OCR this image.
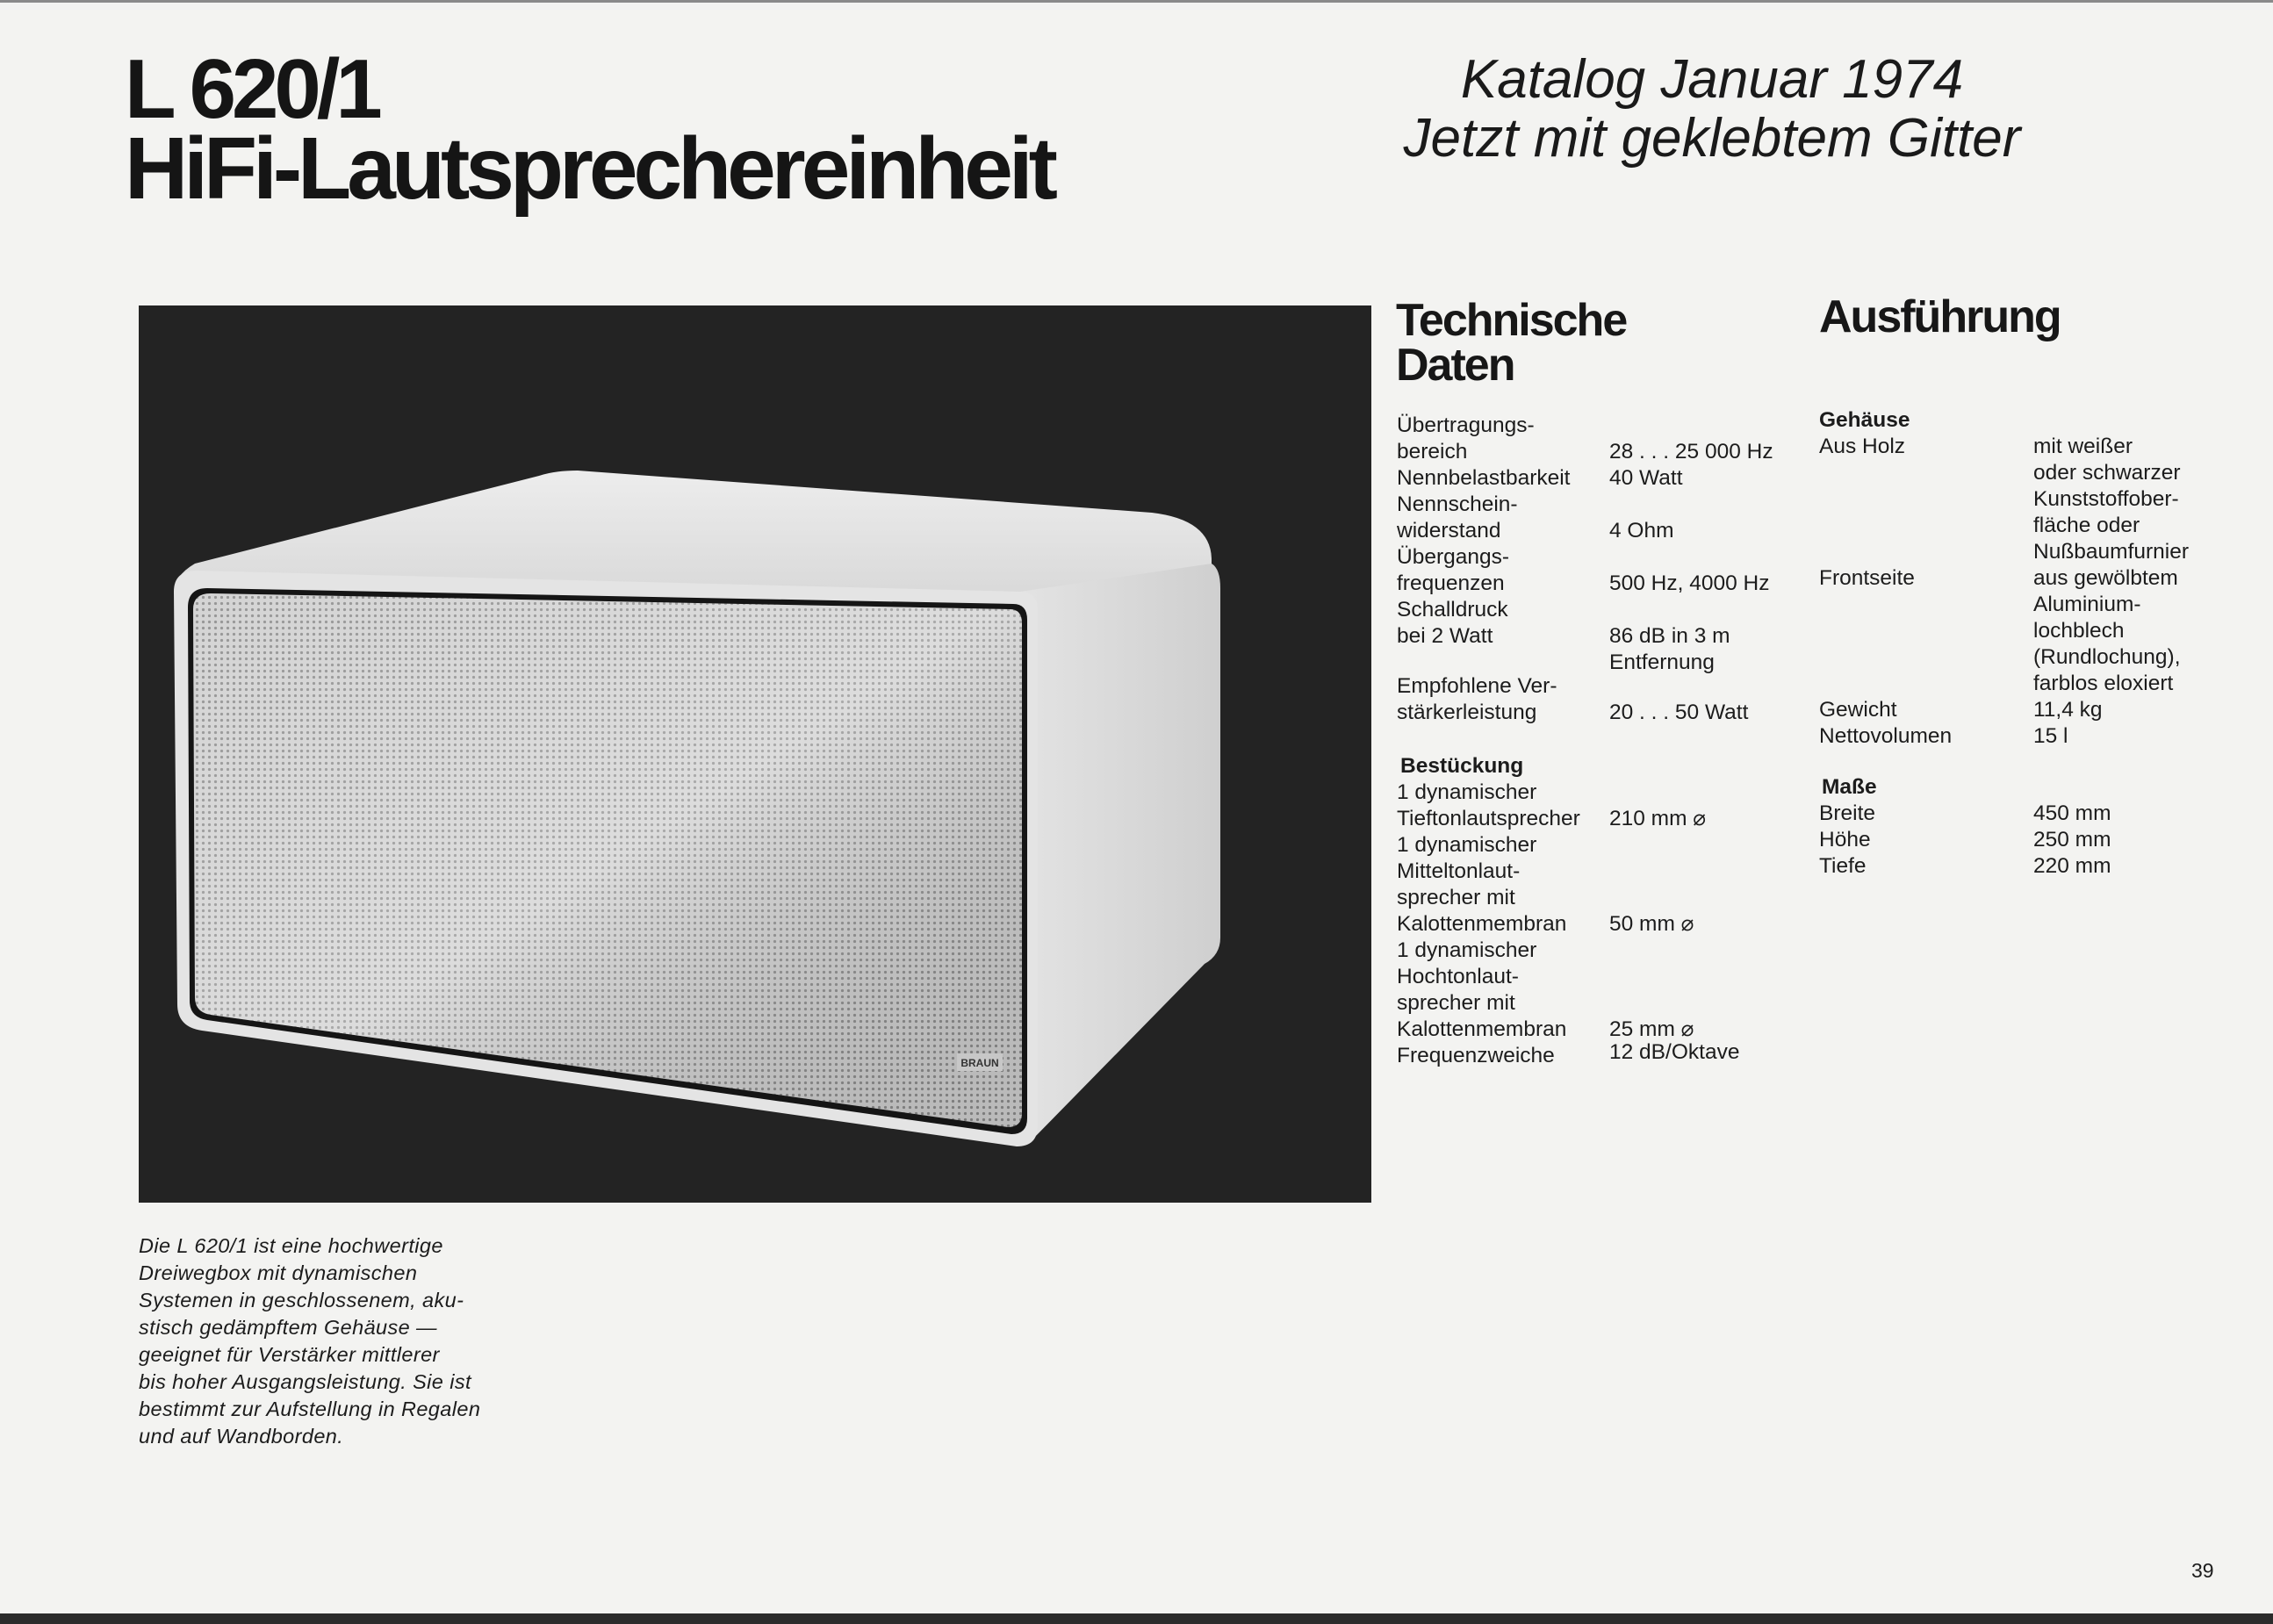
L 620/1
HiFi-Lautsprechereinheit
Katalog Januar 1974
Jetzt mit geklebtem Gitter
BRAUN
Die L 620/1 ist eine hochwertige
Dreiwegbox mit dynamischen
Systemen in geschlossenem, aku-
stisch gedämpftem Gehäuse —
geeignet für Verstärker mittlerer
bis hoher Ausgangsleistung. Sie ist
bestimmt zur Aufstellung in Regalen
und auf Wandborden.
Technische
Daten
Übertragungs-
bereich	28 . . . 25 000 Hz
Nennbelastbarkeit 40 Watt
Nennschein-
widerstand	4 Ohm
Übergangs-
frequenzen	500 Hz, 4000 Hz
Schalldruck
bei 2 Watt	86 dB in 3 m
Entfernung
Empfohlene Ver-
stärkerleistung	20 . . . 50 Watt
Bestückung
1 dynamischer
Tieftonlautsprecher 210 mm ⌀
1 dynamischer
Mitteltonlaut-
sprecher mit
Kalottenmembran 50 mm ⌀
1 dynamischer
Hochtonlaut-
sprecher mit
Kalottenmembran 25 mm ⌀
Frequenzweiche	12 dB/Oktave
Ausführung
Gehäuse
Aus Holz	mit weißer
oder schwarzer
Kunststoffober-
fläche oder
Nußbaumfurnier
Frontseite	aus gewölbtem
Aluminium-
lochblech
(Rundlochung),
farblos eloxiert
Gewicht	11,4 kg
Nettovolumen	15 l
Maße
Breite	450 mm
Höhe	250 mm
Tiefe	220 mm
39
